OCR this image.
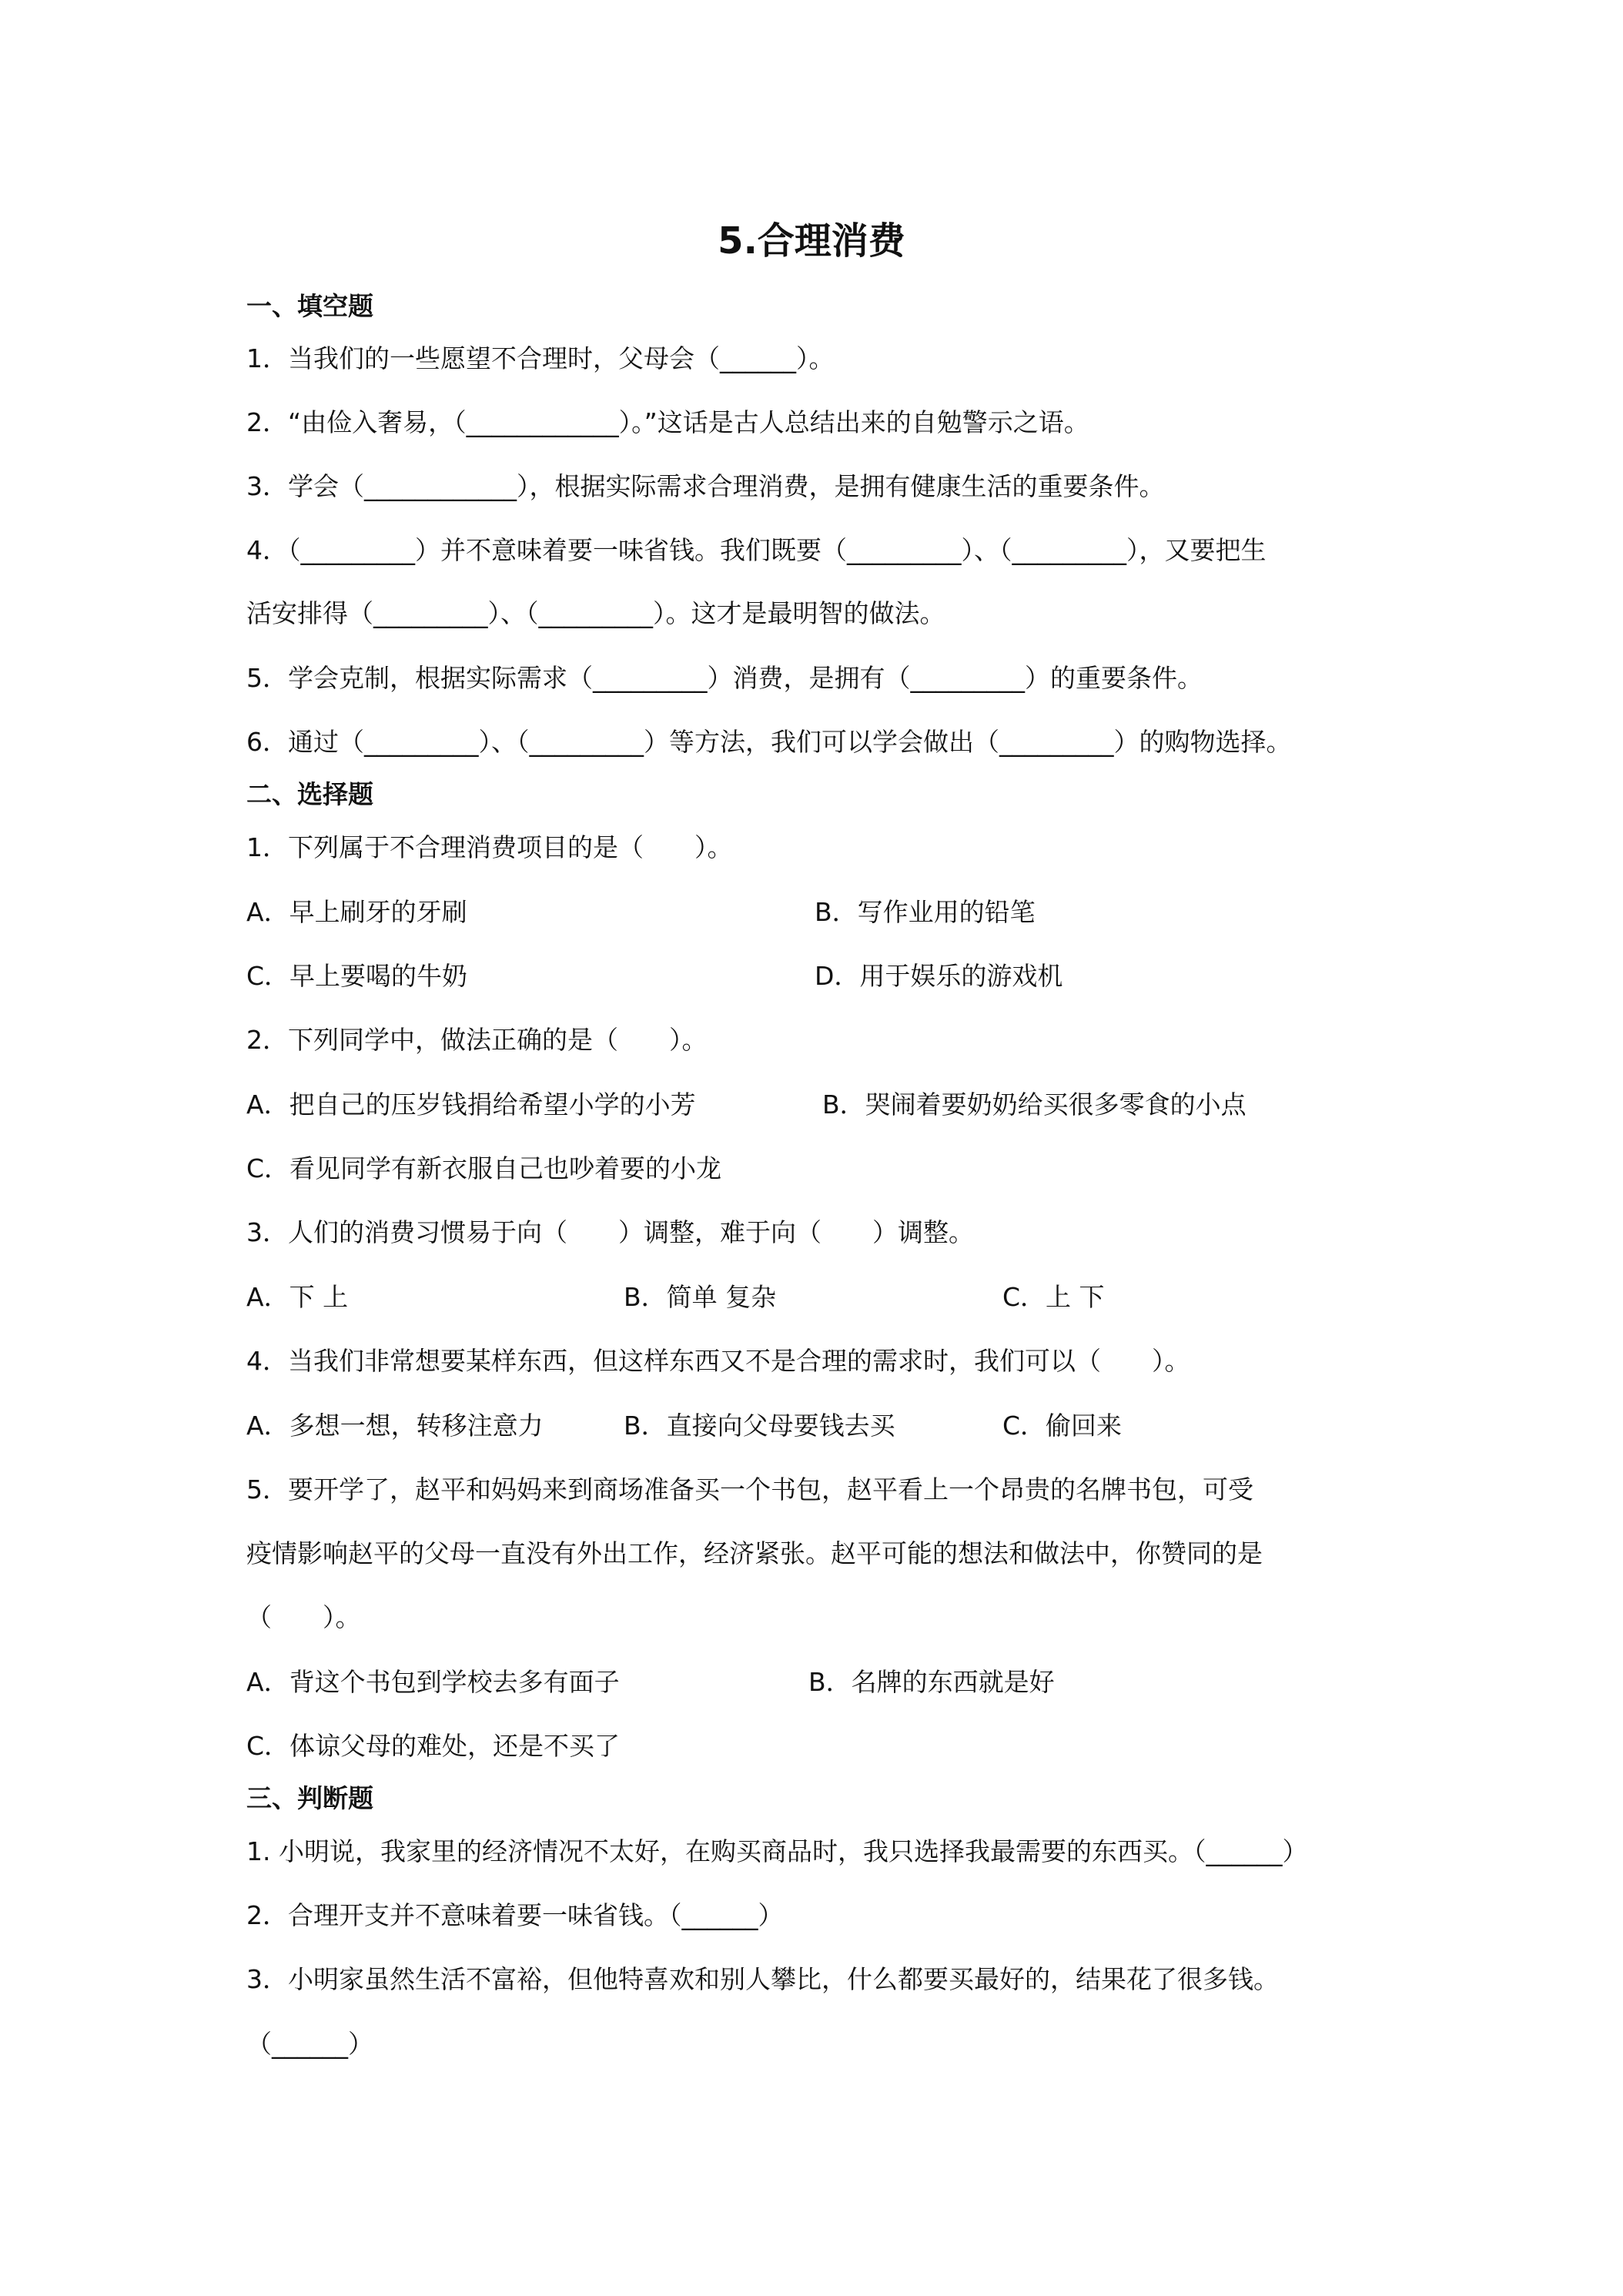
5.合理消费
一、填空题
1．当我们的一些愿望不合理时，父母会（______）。
2．“由俭入奢易，（____________）。”这话是古人总结出来的自勉警示之语。
3．学会（____________），根据实际需求合理消费，是拥有健康生活的重要条件。
4．（_________）并不意味着要一味省钱。我们既要（_________）、（_________），又要把生
活安排得（_________）、（_________）。这才是最明智的做法。
5．学会克制，根据实际需求（_________）消费，是拥有（_________）的重要条件。
6．通过（_________）、（_________）等方法，我们可以学会做出（_________）的购物选择。
二、选择题
1．下列属于不合理消费项目的是（　　）。
A．早上刷牙的牙刷	B．写作业用的铅笔
C．早上要喝的牛奶	D．用于娱乐的游戏机
2．下列同学中，做法正确的是（　　）。
A．把自己的压岁钱捐给希望小学的小芳	B．哭闹着要奶奶给买很多零食的小点
C．看见同学有新衣服自己也吵着要的小龙
3．人们的消费习惯易于向（　　）调整，难于向（　　）调整。
A．下 上	B．简单 复杂	C．上 下
4．当我们非常想要某样东西，但这样东西又不是合理的需求时，我们可以（　　）。
A．多想一想，转移注意力	B．直接向父母要钱去买	C．偷回来
5．要开学了，赵平和妈妈来到商场准备买一个书包，赵平看上一个昂贵的名牌书包，可受
疫情影响赵平的父母一直没有外出工作，经济紧张。赵平可能的想法和做法中，你赞同的是
（　　）。
A．背这个书包到学校去多有面子	B．名牌的东西就是好
C．体谅父母的难处，还是不买了
三、判断题
1. 小明说，我家里的经济情况不太好，在购买商品时，我只选择我最需要的东西买。（______）
2．合理开支并不意味着要一味省钱。（______）
3．小明家虽然生活不富裕，但他特喜欢和别人攀比，什么都要买最好的，结果花了很多钱。
（______）
